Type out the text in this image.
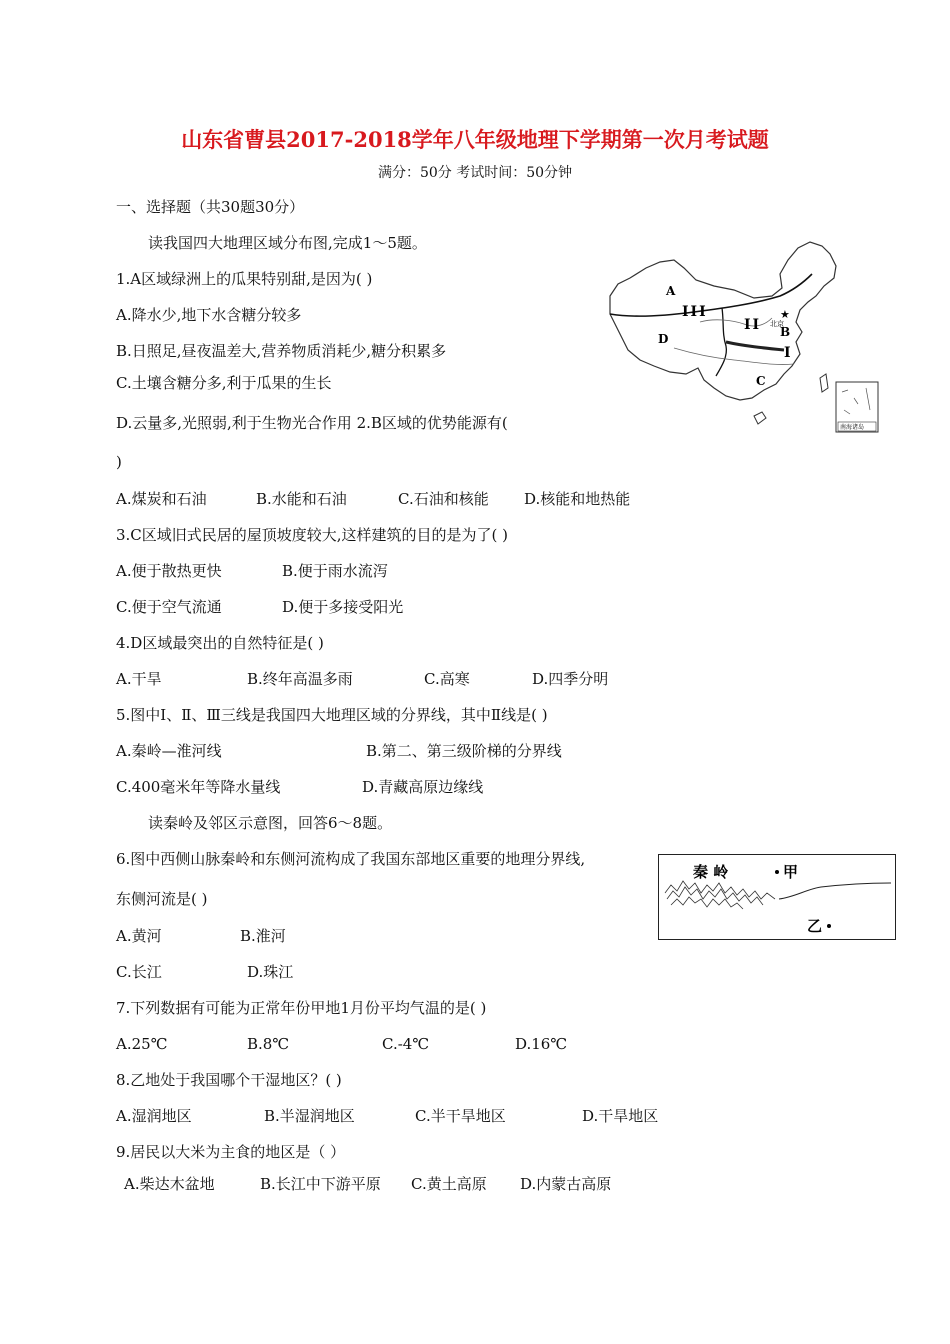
山东省曹县2017-2018学年八年级地理下学期第一次月考试题
满分：50分 考试时间：50分钟
一、选择题（共30题30分）
读我国四大地理区域分布图,完成1～5题。
1.A区域绿洲上的瓜果特别甜,是因为( )
A.降水少,地下水含糖分较多
B.日照足,昼夜温差大,营养物质消耗少,糖分积累多
C.土壤含糖分多,利于瓜果的生长
D.云量多,光照弱,利于生物光合作用 2.B区域的优势能源有(
)
A.煤炭和石油	B.水能和石油	C.石油和核能 D.核能和地热能
3.C区域旧式民居的屋顶坡度较大,这样建筑的目的是为了( )
A.便于散热更快	B.便于雨水流泻
C.便于空气流通	D.便于多接受阳光
4.D区域最突出的自然特征是( )
A.干旱	B.终年高温多雨	C.高寒	D.四季分明
5.图中Ⅰ、Ⅱ、Ⅲ三线是我国四大地理区域的分界线，其中Ⅱ线是( )
A.秦岭—淮河线	B.第二、第三级阶梯的分界线
C.400毫米年等降水量线	D.青藏高原边缘线
读秦岭及邻区示意图，回答6～8题。
6.图中西侧山脉秦岭和东侧河流构成了我国东部地区重要的地理分界线,
东侧河流是( )
A.黄河	B.淮河
C.长江	D.珠江
7.下列数据有可能为正常年份甲地1月份平均气温的是( )
A.25℃	B.8℃	C.-4℃	D.16℃
8.乙地处于我国哪个干湿地区？( )
A.湿润地区	B.半湿润地区	C.半干旱地区	D.干旱地区
9.居民以大米为主食的地区是（ ）
A.柴达木盆地	B.长江中下游平原 C.黄土高原 D.内蒙古高原
A
B
C
D
III
II
I
★
北京
南海诸岛
秦 岭	甲
乙
